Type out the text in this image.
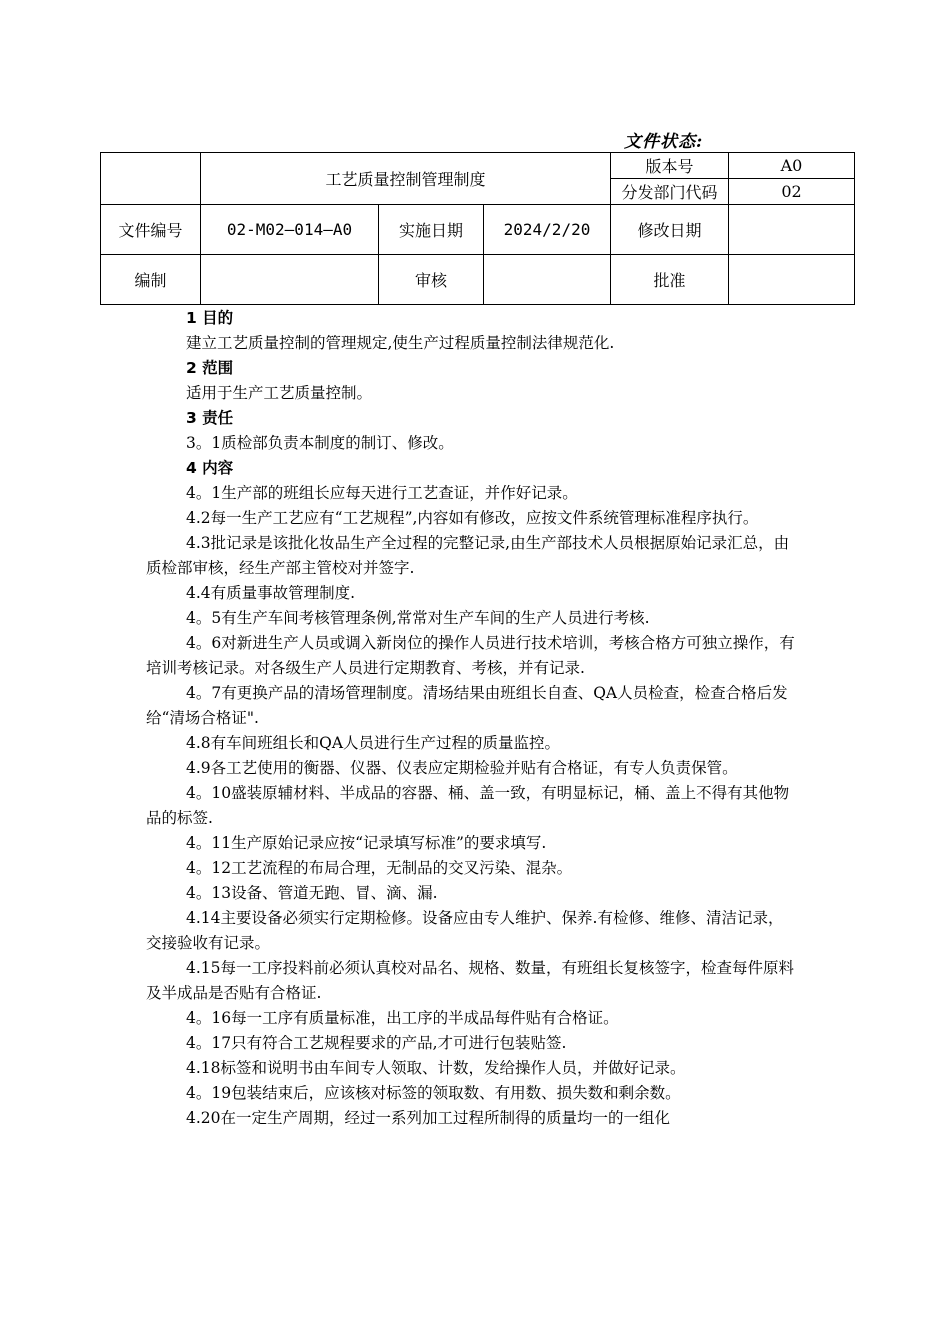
文件状态:
	工艺质量控制管理制度			版本号	A0
				分发部门代码	02
文件编号	02-M02—014—A0	实施日期	2024/2/20	修改日期	
编制		审核		批准	

1 目的

建立工艺质量控制的管理规定,使生产过程质量控制法律规范化.

2 范围

适用于生产工艺质量控制。

3 责任

3。1质检部负责本制度的制订、修改。

4 内容

4。1生产部的班组长应每天进行工艺查证，并作好记录。

4.2每一生产工艺应有“工艺规程”,内容如有修改，应按文件系统管理标准程序执行。

4.3批记录是该批化妆品生产全过程的完整记录,由生产部技术人员根据原始记录汇总，由质检部审核，经生产部主管校对并签字.

4.4有质量事故管理制度.

4。5有生产车间考核管理条例,常常对生产车间的生产人员进行考核.

4。6对新进生产人员或调入新岗位的操作人员进行技术培训，考核合格方可独立操作，有培训考核记录。对各级生产人员进行定期教育、考核，并有记录.

4。7有更换产品的清场管理制度。清场结果由班组长自查、QA人员检查，检查合格后发给“清场合格证".

4.8有车间班组长和QA人员进行生产过程的质量监控。

4.9各工艺使用的衡器、仪器、仪表应定期检验并贴有合格证，有专人负责保管。

4。10盛装原辅材料、半成品的容器、桶、盖一致，有明显标记，桶、盖上不得有其他物品的标签.

4。11生产原始记录应按“记录填写标准”的要求填写.

4。12工艺流程的布局合理，无制品的交叉污染、混杂。

4。13设备、管道无跑、冒、滴、漏.

4.14主要设备必须实行定期检修。设备应由专人维护、保养.有检修、维修、清洁记录，交接验收有记录。

4.15每一工序投料前必须认真校对品名、规格、数量，有班组长复核签字，检查每件原料及半成品是否贴有合格证.

4。16每一工序有质量标准，出工序的半成品每件贴有合格证。

4。17只有符合工艺规程要求的产品,才可进行包装贴签.

4.18标签和说明书由车间专人领取、计数，发给操作人员，并做好记录。

4。19包装结束后，应该核对标签的领取数、有用数、损失数和剩余数。

4.20在一定生产周期，经过一系列加工过程所制得的质量均一的一组化
